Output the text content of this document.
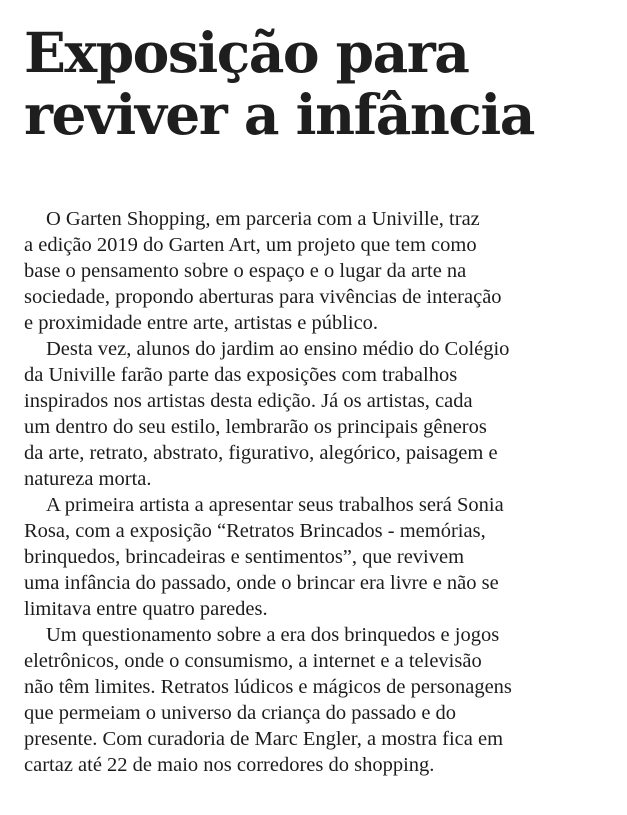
Exposição para
reviver a infância
O Garten Shopping, em parceria com a Univille, traz
a edição 2019 do Garten Art, um projeto que tem como
base o pensamento sobre o espaço e o lugar da arte na
sociedade, propondo aberturas para vivências de interação
e proximidade entre arte, artistas e público.
Desta vez, alunos do jardim ao ensino médio do Colégio
da Univille farão parte das exposições com trabalhos
inspirados nos artistas desta edição. Já os artistas, cada
um dentro do seu estilo, lembrarão os principais gêneros
da arte, retrato, abstrato, figurativo, alegórico, paisagem e
natureza morta.
A primeira artista a apresentar seus trabalhos será Sonia
Rosa, com a exposição “Retratos Brincados - memórias,
brinquedos, brincadeiras e sentimentos”, que revivem
uma infância do passado, onde o brincar era livre e não se
limitava entre quatro paredes.
Um questionamento sobre a era dos brinquedos e jogos
eletrônicos, onde o consumismo, a internet e a televisão
não têm limites. Retratos lúdicos e mágicos de personagens
que permeiam o universo da criança do passado e do
presente. Com curadoria de Marc Engler, a mostra fica em
cartaz até 22 de maio nos corredores do shopping.
